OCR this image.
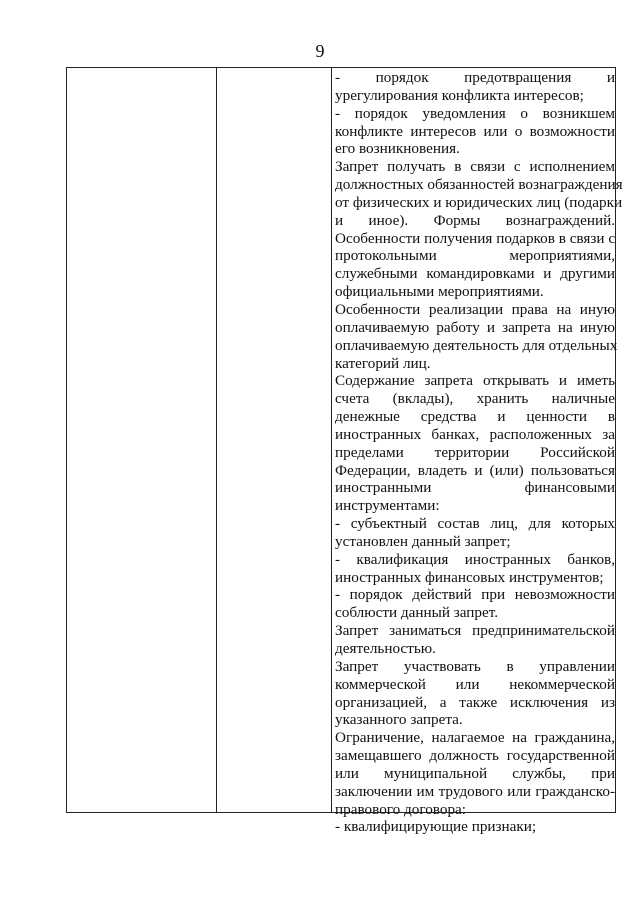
9
- порядок предотвращения и
урегулирования конфликта интересов;
- порядок уведомления о возникшем
конфликте интересов или о возможности
его возникновения.
Запрет получать в связи с исполнением
должностных обязанностей вознаграждения
от физических и юридических лиц (подарки
и иное). Формы вознаграждений.
Особенности получения подарков в связи с
протокольными мероприятиями,
служебными командировками и другими
официальными мероприятиями.
Особенности реализации права на иную
оплачиваемую работу и запрета на иную
оплачиваемую деятельность для отдельных
категорий лиц.
Содержание запрета открывать и иметь
счета (вклады), хранить наличные
денежные средства и ценности в
иностранных банках, расположенных за
пределами территории Российской
Федерации, владеть и (или) пользоваться
иностранными финансовыми
инструментами:
- субъектный состав лиц, для которых
установлен данный запрет;
- квалификация иностранных банков,
иностранных финансовых инструментов;
- порядок действий при невозможности
соблюсти данный запрет.
Запрет заниматься предпринимательской
деятельностью.
Запрет участвовать в управлении
коммерческой или некоммерческой
организацией, а также исключения из
указанного запрета.
Ограничение, налагаемое на гражданина,
замещавшего должность государственной
или муниципальной службы, при
заключении им трудового или гражданско-
правового договора:
- квалифицирующие признаки;
